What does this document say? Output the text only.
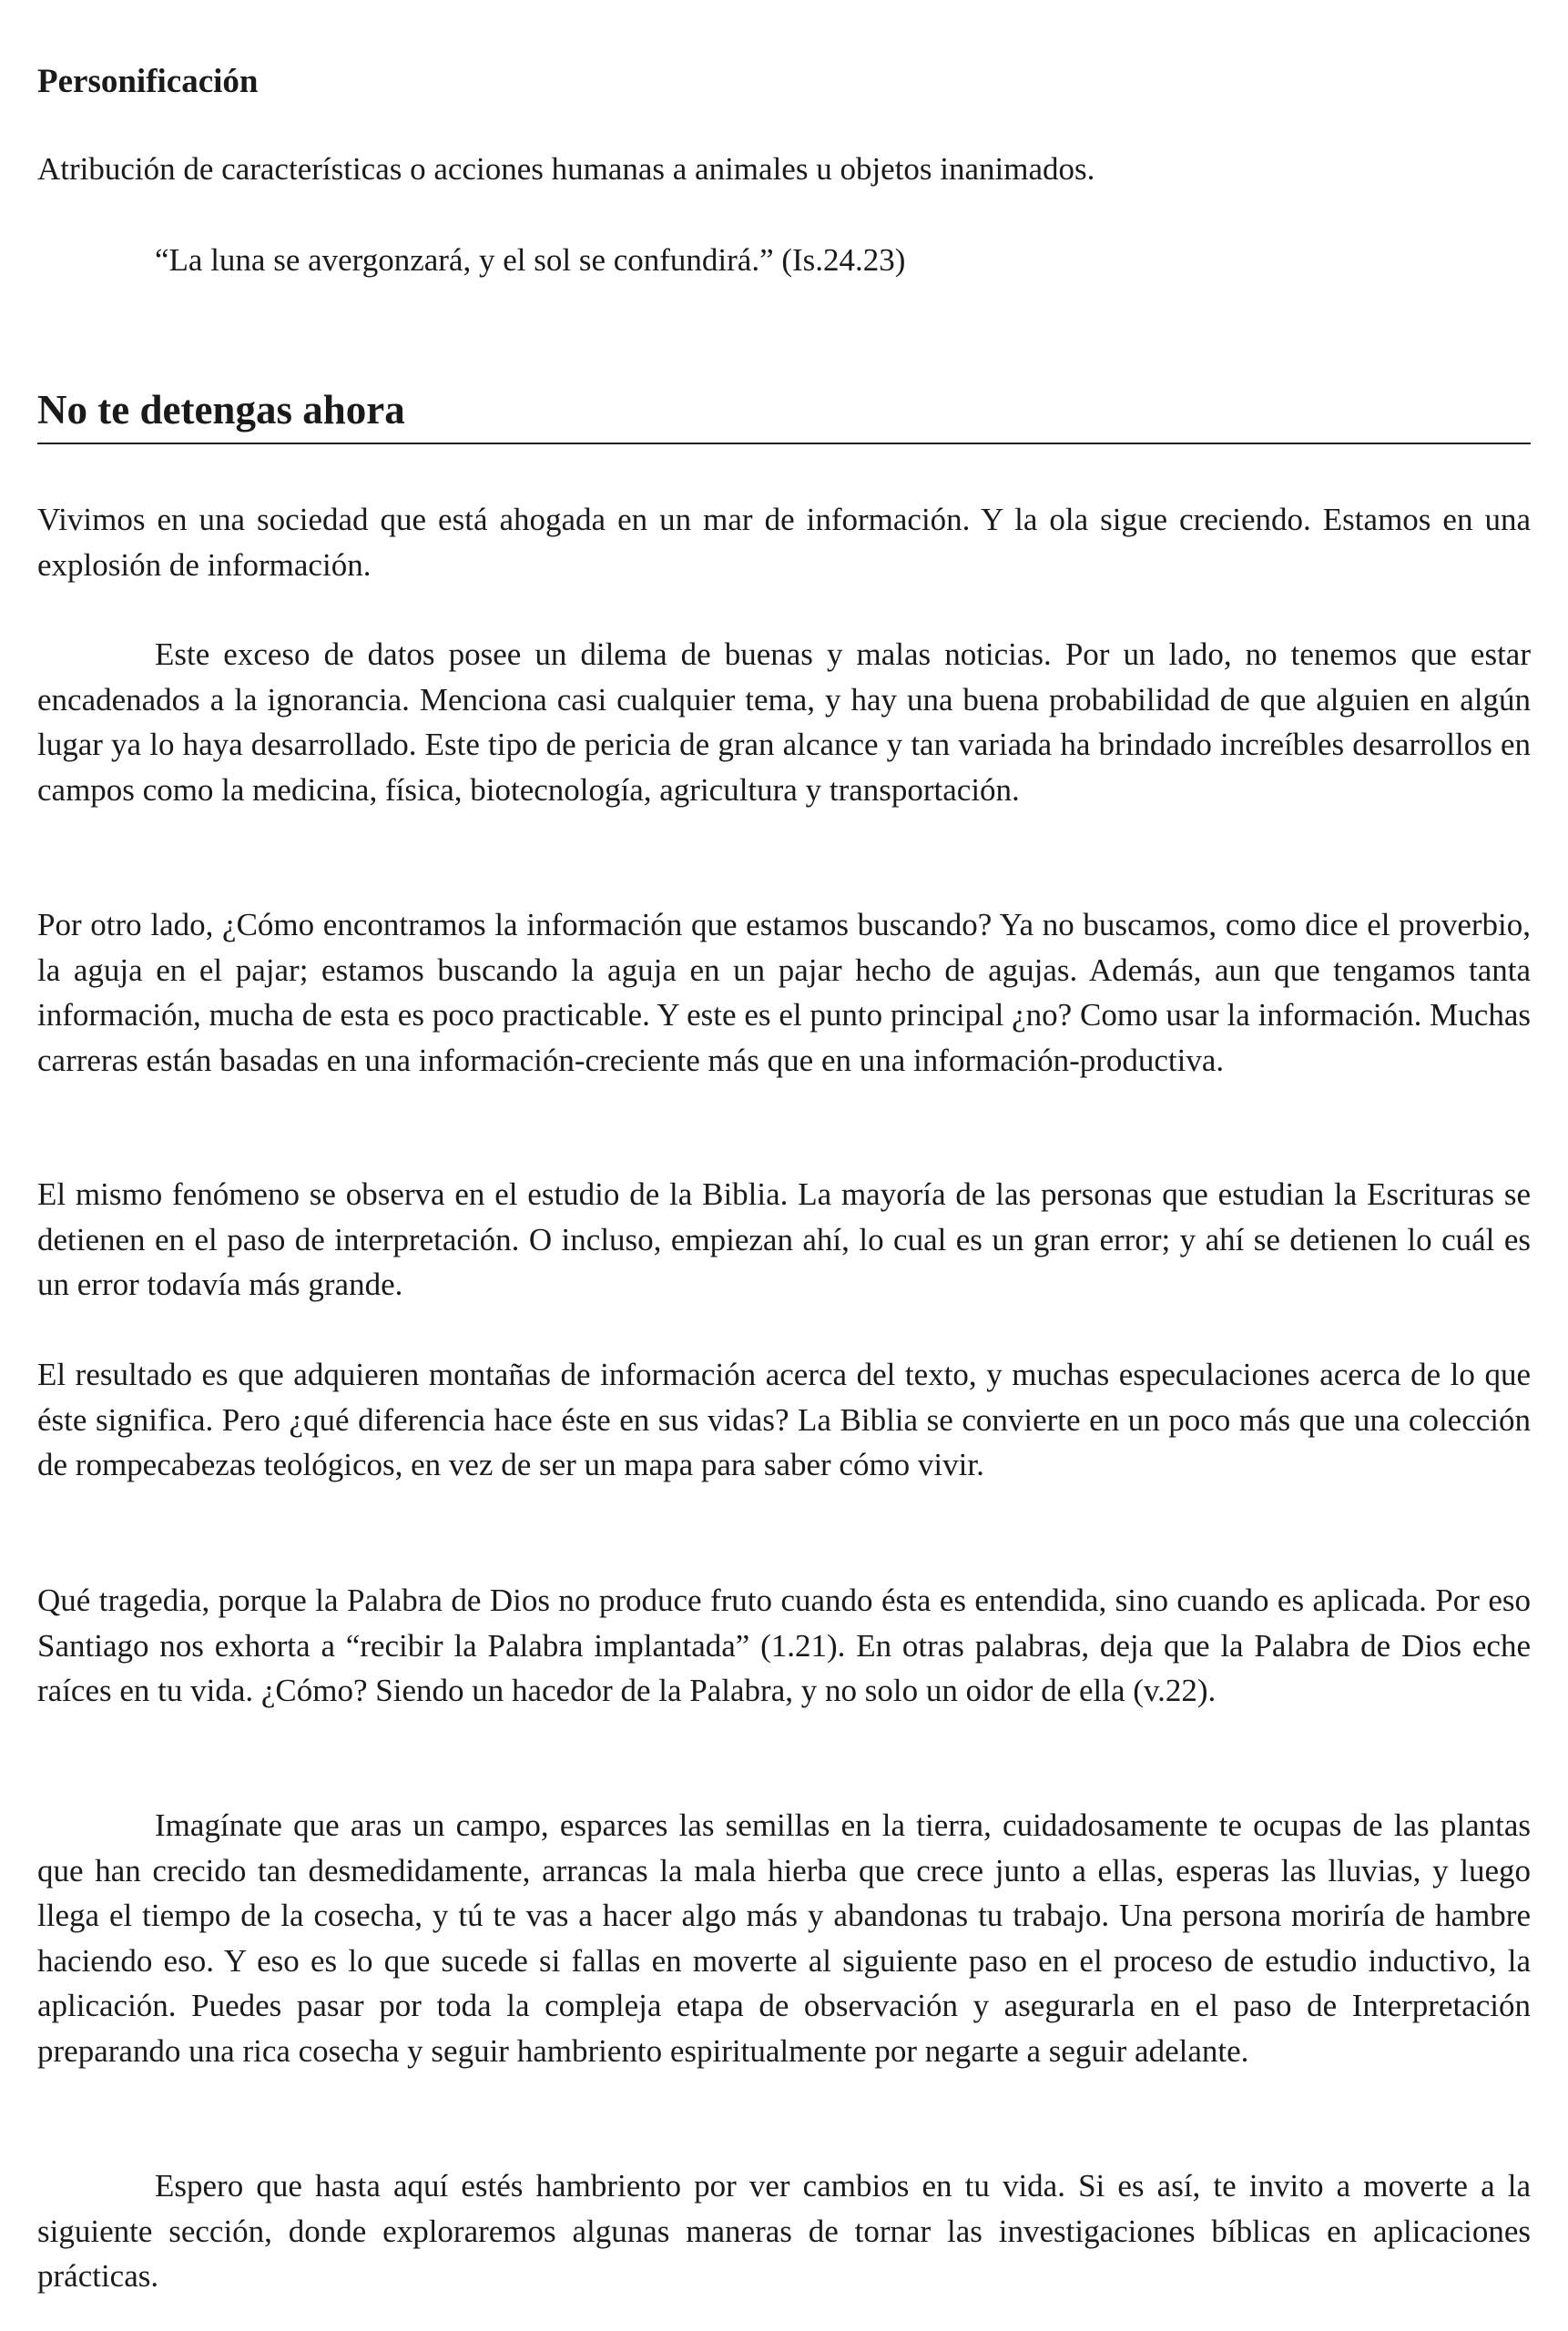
Personificación
Atribución de características o acciones humanas a animales u objetos inanimados.
“La luna se avergonzará, y el sol se confundirá.” (Is.24.23)
No te detengas ahora

Vivimos en una sociedad que está ahogada en un mar de información. Y la ola sigue creciendo. Estamos en una explosión de información.

Este exceso de datos posee un dilema de buenas y malas noticias. Por un lado, no tenemos que estar encadenados a la ignorancia. Menciona casi cualquier tema, y hay una buena probabilidad de que alguien en algún lugar ya lo haya desarrollado. Este tipo de pericia de gran alcance y tan variada ha brindado increíbles desarrollos en campos como la medicina, física, biotecnología, agricultura y transportación.

Por otro lado, ¿Cómo encontramos la información que estamos buscando? Ya no buscamos, como dice el proverbio, la aguja en el pajar; estamos buscando la aguja en un pajar hecho de agujas. Además, aun que tengamos tanta información, mucha de esta es poco practicable. Y este es el punto principal ¿no? Como usar la información. Muchas carreras están basadas en una información-creciente más que en una información-productiva.

El mismo fenómeno se observa en el estudio de la Biblia. La mayoría de las personas que estudian la Escrituras se detienen en el paso de interpretación. O incluso, empiezan ahí, lo cual es un gran error; y ahí se detienen lo cuál es un error todavía más grande.

El resultado es que adquieren montañas de información acerca del texto, y muchas especulaciones acerca de lo que éste significa. Pero ¿qué diferencia hace éste en sus vidas? La Biblia se convierte en un poco más que una colección de rompecabezas teológicos, en vez de ser un mapa para saber cómo vivir.

Qué tragedia, porque la Palabra de Dios no produce fruto cuando ésta es entendida, sino cuando es aplicada. Por eso Santiago nos exhorta a “recibir la Palabra implantada” (1.21). En otras palabras, deja que la Palabra de Dios eche raíces en tu vida. ¿Cómo? Siendo un hacedor de la Palabra, y no solo un oidor de ella (v.22).

Imagínate que aras un campo, esparces las semillas en la tierra, cuidadosamente te ocupas de las plantas que han crecido tan desmedidamente, arrancas la mala hierba que crece junto a ellas, esperas las lluvias, y luego llega el tiempo de la cosecha, y tú te vas a hacer algo más y abandonas tu trabajo. Una persona moriría de hambre haciendo eso. Y eso es lo que sucede si fallas en moverte al siguiente paso en el proceso de estudio inductivo, la aplicación. Puedes pasar por toda la compleja etapa de observación y asegurarla en el paso de Interpretación preparando una rica cosecha y seguir hambriento espiritualmente por negarte a seguir adelante.

Espero que hasta aquí estés hambriento por ver cambios en tu vida. Si es así, te invito a moverte a la siguiente sección, donde exploraremos algunas maneras de tornar las investigaciones bíblicas en aplicaciones prácticas.
